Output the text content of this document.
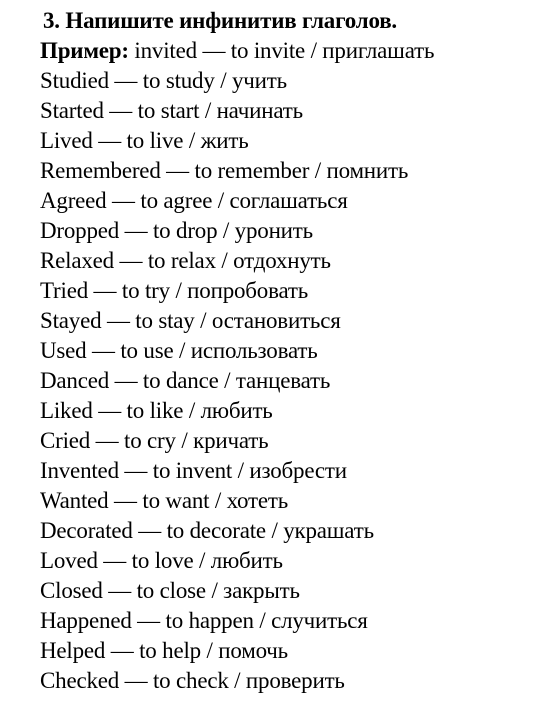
3. Напишите инфинитив глаголов.
Пример: invited — to invite / приглашать
Studied — to study / учить
Started — to start / начинать
Lived — to live / жить
Remembered — to remember / помнить
Agreed — to agree / соглашаться
Dropped — to drop / уронить
Relaxed — to relax / отдохнуть
Tried — to try / попробовать
Stayed — to stay / остановиться
Used — to use / использовать
Danced — to dance / танцевать
Liked — to like / любить
Cried — to cry / кричать
Invented — to invent / изобрести
Wanted — to want / хотеть
Decorated — to decorate / украшать
Loved — to love / любить
Closed — to close / закрыть
Happened — to happen / случиться
Helped — to help / помочь
Checked — to check / проверить
